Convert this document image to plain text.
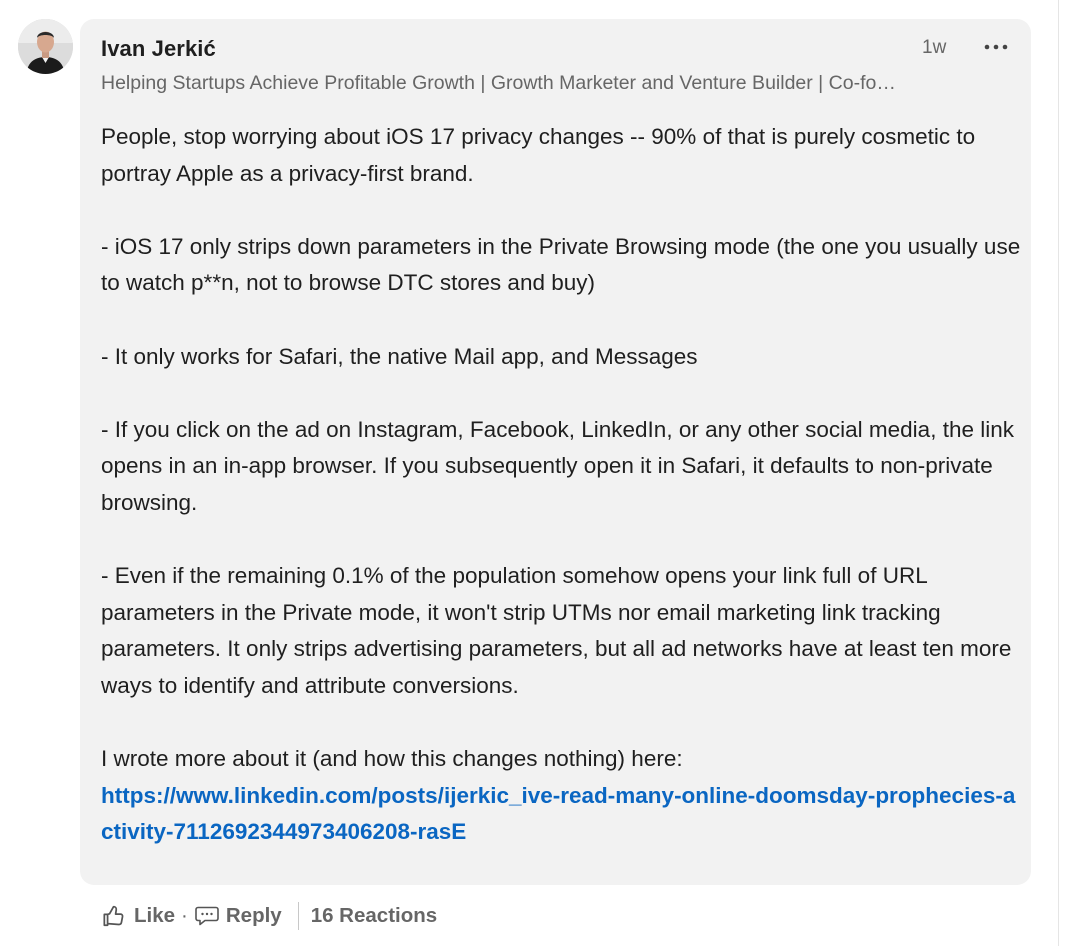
Ivan Jerkić	1w
Helping Startups Achieve Profitable Growth | Growth Marketer and Venture Builder | Co-fo…

People, stop worrying about iOS 17 privacy changes -- 90% of that is purely cosmetic to portray Apple as a privacy-first brand.

- iOS 17 only strips down parameters in the Private Browsing mode (the one you usually use to watch p**n, not to browse DTC stores and buy)

- It only works for Safari, the native Mail app, and Messages

- If you click on the ad on Instagram, Facebook, LinkedIn, or any other social media, the link opens in an in-app browser. If you subsequently open it in Safari, it defaults to non-private browsing.

- Even if the remaining 0.1% of the population somehow opens your link full of URL parameters in the Private mode, it won't strip UTMs nor email marketing link tracking parameters. It only strips advertising parameters, but all ad networks have at least ten more ways to identify and attribute conversions.

I wrote more about it (and how this changes nothing) here:
https://www.linkedin.com/posts/ijerkic_ive-read-many-online-doomsday-prophecies-activity-7112692344973406208-rasE

Like · Reply 16 Reactions
